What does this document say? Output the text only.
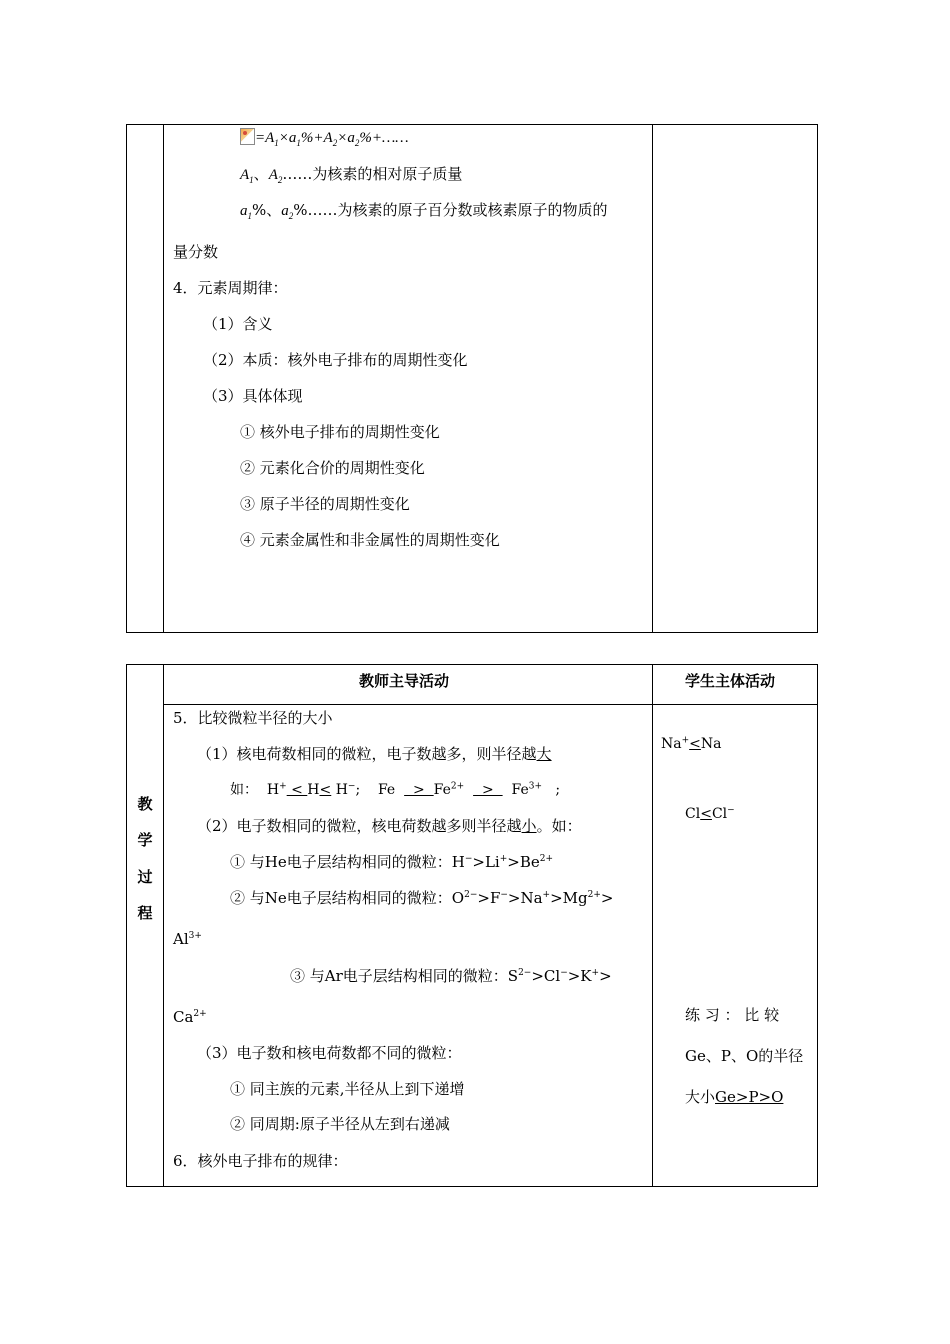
$=A_1\times a_1\%+A_2\times a_2\%+\dots\dots$
$A_1$、$A_2\dots\dots$为核素的相对原子质量
$a_1\%$、$a_2\%\dots\dots$为核素的原子百分数或核素原子的物质的
量分数
4．元素周期律：
（1）含义
（2）本质：核外电子排布的周期性变化
（3）具体体现
① 核外电子排布的周期性变化
② 元素化合价的周期性变化
③ 原子半径的周期性变化
④ 元素金属性和非金属性的周期性变化
教
学
过
程
教师主导活动	学生主体活动
5．比较微粒半径的大小
（1）核电荷数相同的微粒，电子数越多，则半径越大
如：  H+ < H< H−;    Fe    >  $Fe^{2+}$    >    $Fe^{3+}$   ;
（2）电子数相同的微粒，核电荷数越多则半径越小。如：
① 与He电子层结构相同的微粒：$H^->Li^+>Be^{2+}$
② 与Ne电子层结构相同的微粒：$O^{2-}>F^->Na^+>Mg^{2+}>$
$Al^{3+}$
③ 与Ar电子层结构相同的微粒：$S^{2-}>Cl^->K^+>$
$Ca^{2+}$
（3）电子数和核电荷数都不同的微粒：
① 同主族的元素,半径从上到下递增
② 同周期:原子半径从左到右递减
6．核外电子排布的规律：
Na+<Na
Cl<Cl−
练 习 ： 比 较
Ge、P、O的半径
大小Ge>P>O
